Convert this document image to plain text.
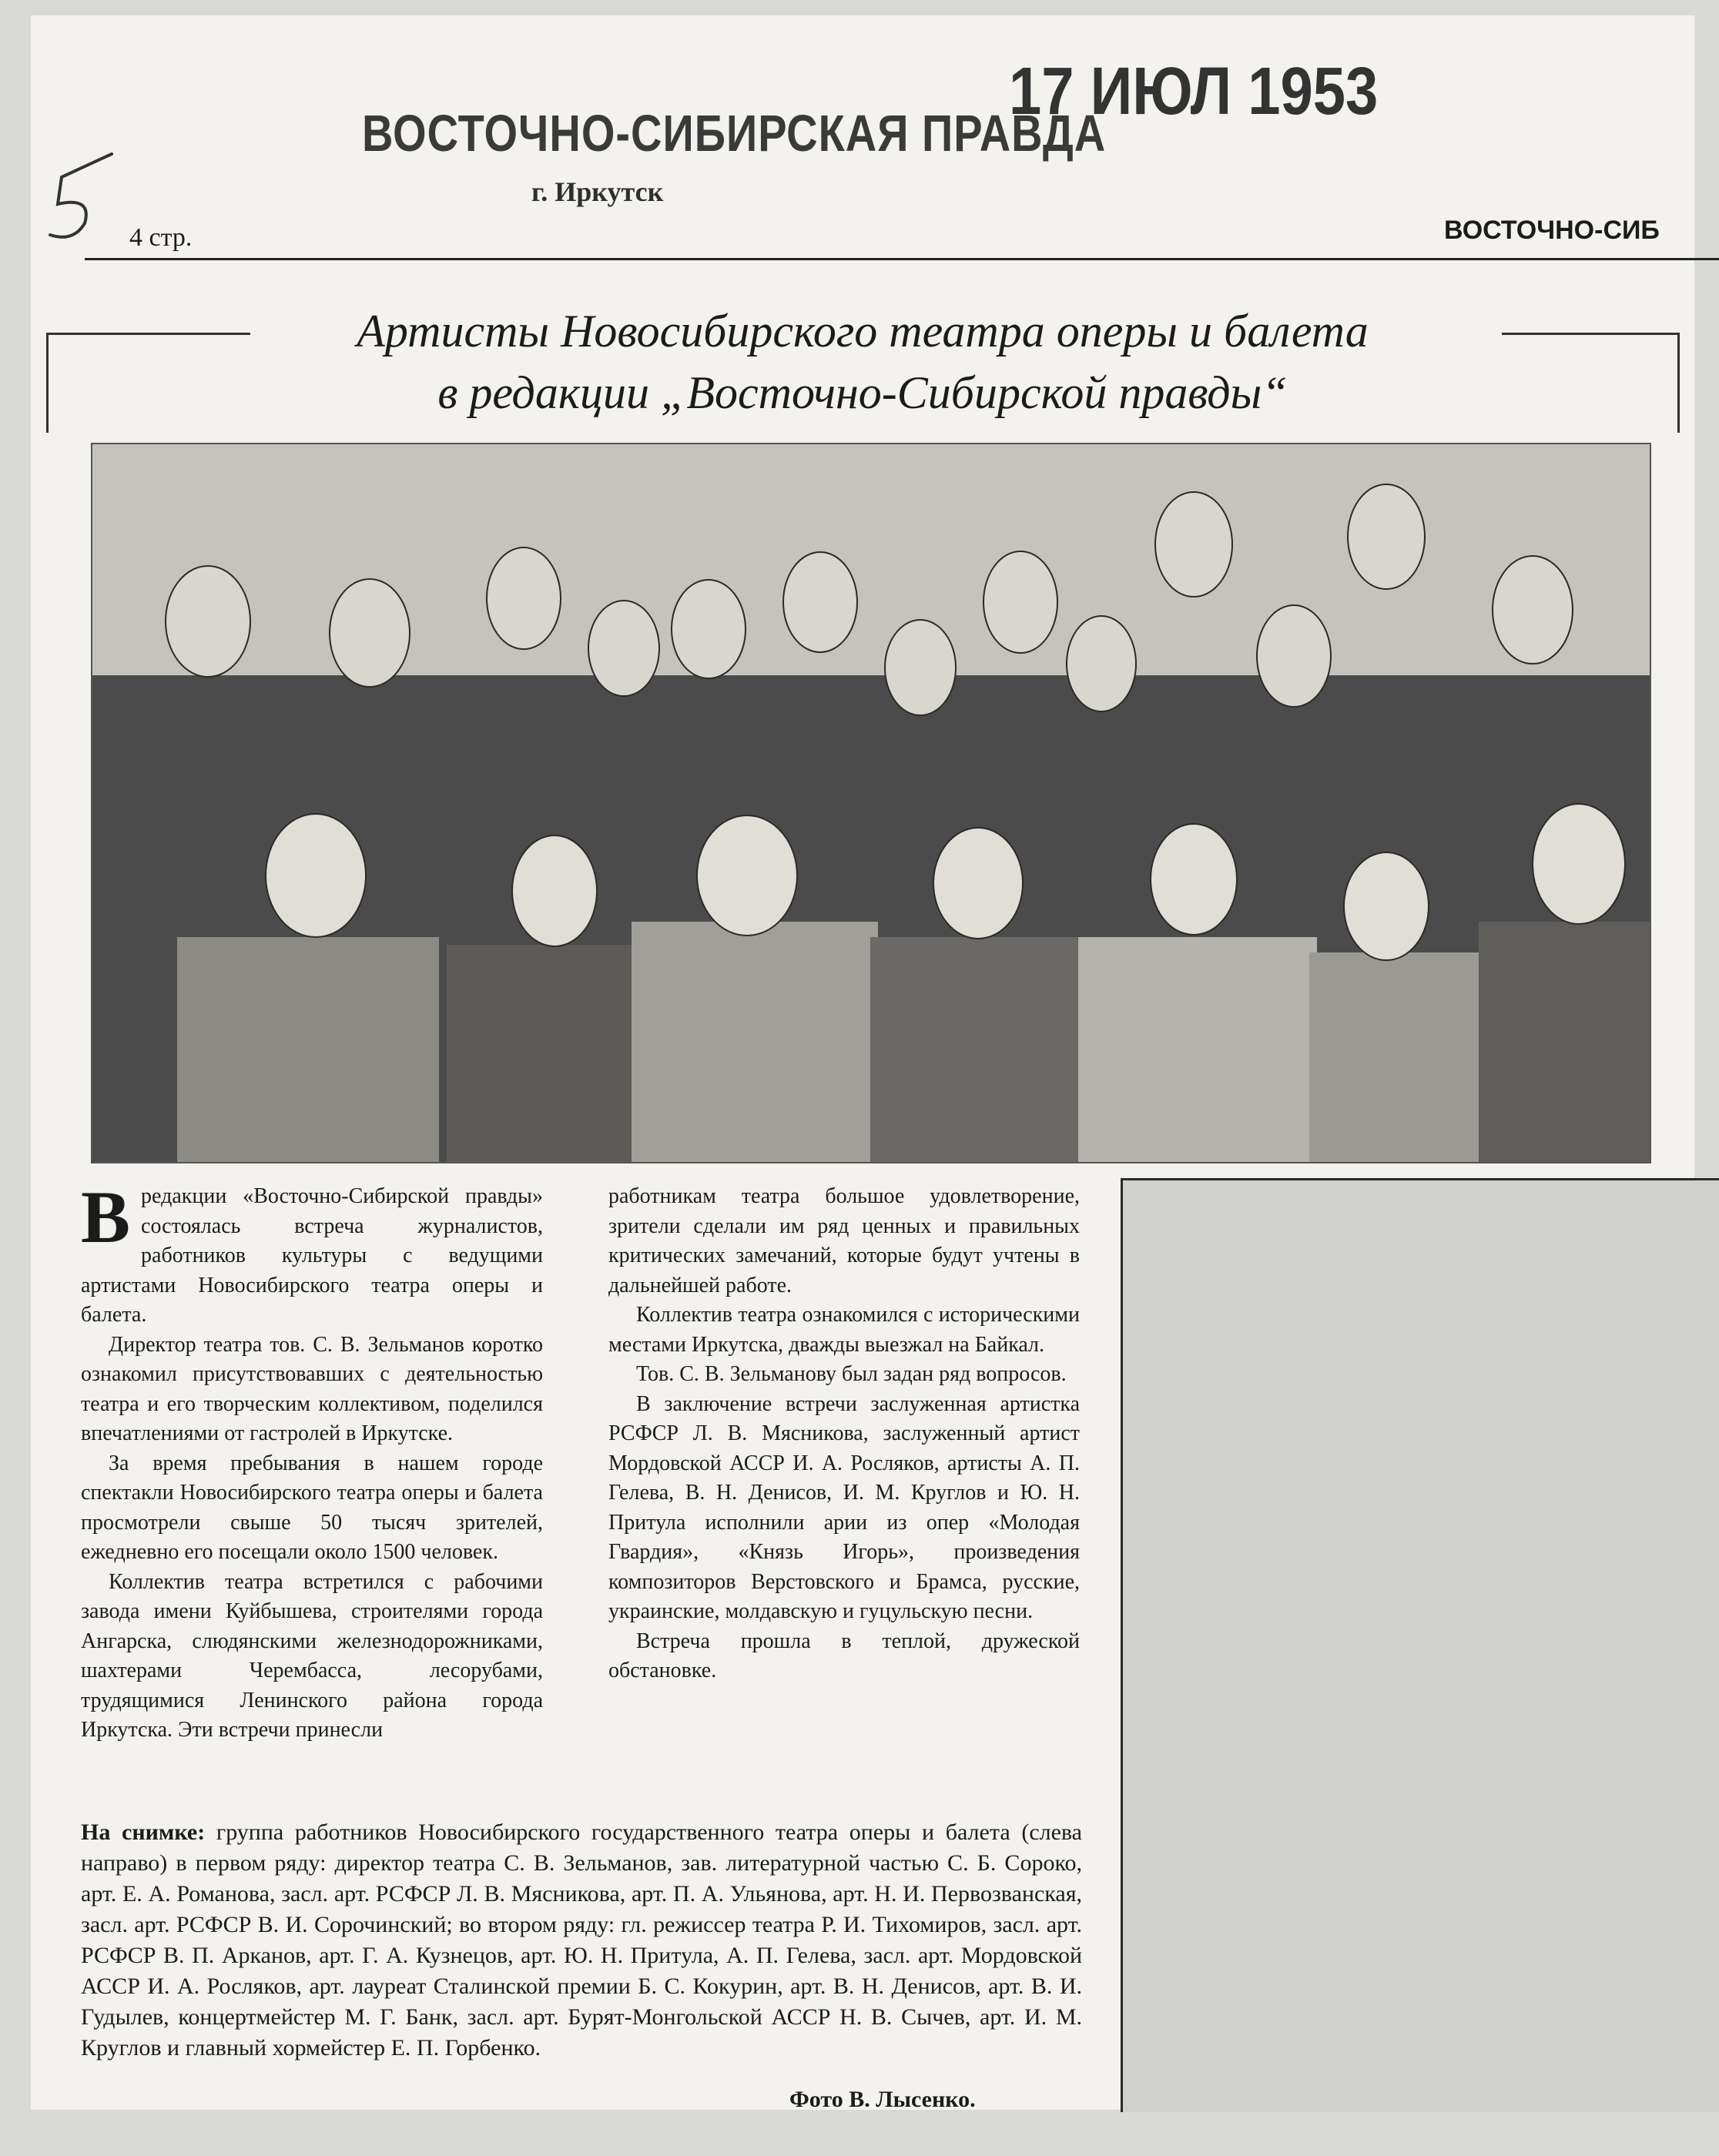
ВОСТОЧНО-СИБИРСКАЯ ПРАВДА
г. Иркутск
17 ИЮЛ 1953
4 стр.	ВОСТОЧНО-СИБ
Артисты Новосибирского театра оперы и балета
в редакции „Восточно-Сибирской правды“

В редакции «Восточно-Сибирской правды» состоялась встреча журналистов, работников культуры с ведущими артистами Новосибирского театра оперы и балета.

Директор театра тов. С. В. Зельманов коротко ознакомил присутствовавших с деятельностью театра и его творческим коллективом, поделился впечатлениями от гастролей в Иркутске.

За время пребывания в нашем городе спектакли Новосибирского театра оперы и балета просмотрели свыше 50 тысяч зрителей, ежедневно его посещали около 1500 человек.

Коллектив театра встретился с рабочими завода имени Куйбышева, строителями города Ангарска, слюдянскими железнодорожниками, шахтерами Черембасса, лесорубами, трудящимися Ленинского района города Иркутска. Эти встречи принесли

работникам театра большое удовлетворение, зрители сделали им ряд ценных и правильных критических замечаний, которые будут учтены в дальнейшей работе.

Коллектив театра ознакомился с историческими местами Иркутска, дважды выезжал на Байкал.

Тов. С. В. Зельманову был задан ряд вопросов.

В заключение встречи заслуженная артистка РСФСР Л. В. Мясникова, заслуженный артист Мордовской АССР И. А. Росляков, артисты А. П. Гелева, В. Н. Денисов, И. М. Круглов и Ю. Н. Притула исполнили арии из опер «Молодая Гвардия», «Князь Игорь», произведения композиторов Верстовского и Брамса, русские, украинские, молдавскую и гуцульскую песни.

Встреча прошла в теплой, дружеской обстановке.

На снимке: группа работников Новосибирского государственного театра оперы и балета (слева направо) в первом ряду: директор театра С. В. Зельманов, зав. литературной частью С. Б. Сороко, арт. Е. А. Романова, засл. арт. РСФСР Л. В. Мясникова, арт. П. А. Ульянова, арт. Н. И. Первозванская, засл. арт. РСФСР В. И. Сорочинский; во втором ряду: гл. режиссер театра Р. И. Тихомиров, засл. арт. РСФСР В. П. Арканов, арт. Г. А. Кузнецов, арт. Ю. Н. Притула, А. П. Гелева, засл. арт. Мордовской АССР И. А. Росляков, арт. лауреат Сталинской премии Б. С. Кокурин, арт. В. Н. Денисов, арт. В. И. Гудылев, концертмейстер М. Г. Банк, засл. арт. Бурят-Монгольской АССР Н. В. Сычев, арт. И. М. Круглов и главный хормейстер Е. П. Горбенко.
Фото В. Лысенко.
